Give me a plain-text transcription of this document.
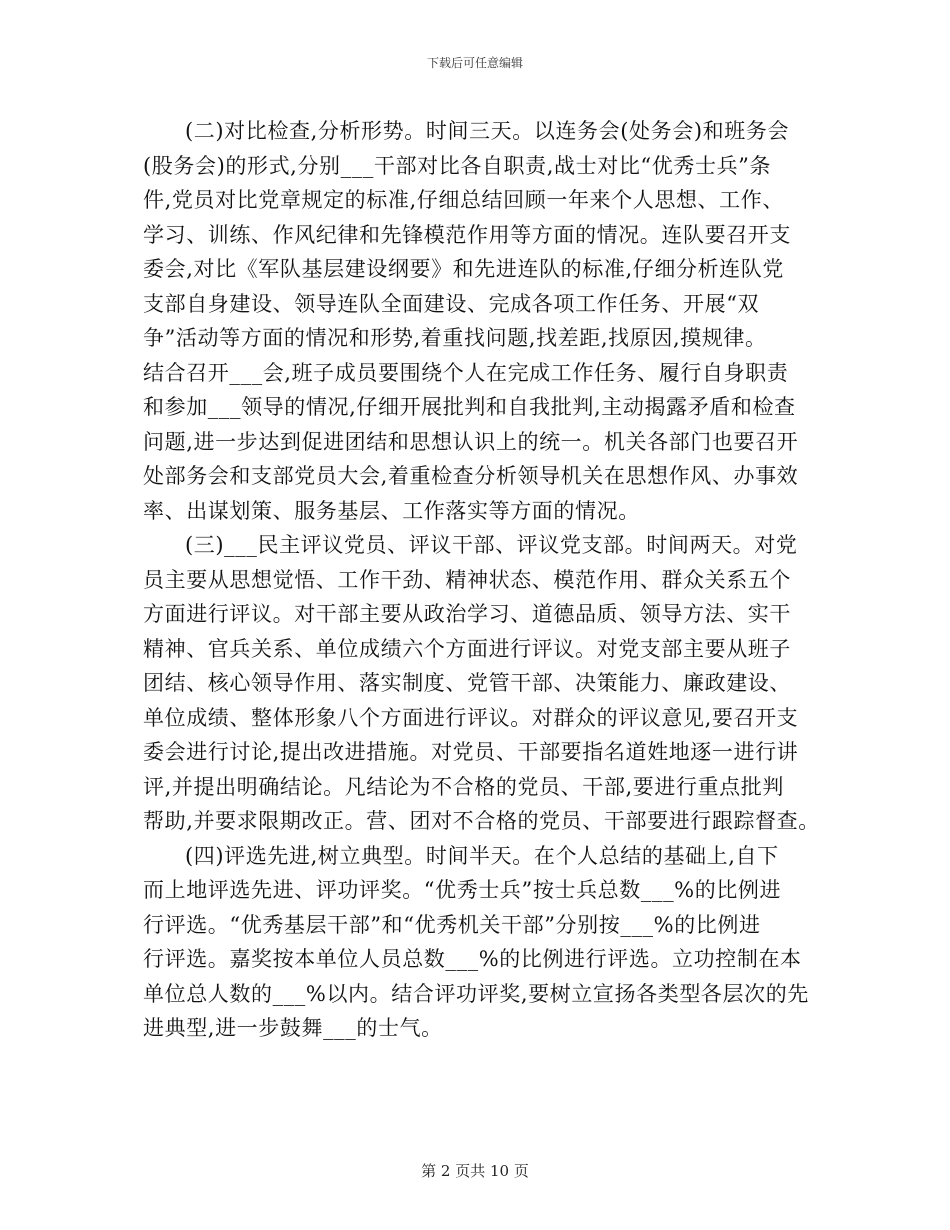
下载后可任意编辑
(二)对比检查,分析形势。时间三天。以连务会(处务会)和班务会
(股务会)的形式,分别___干部对比各自职责,战士对比“优秀士兵”条
件,党员对比党章规定的标准,仔细总结回顾一年来个人思想、工作、
学习、训练、作风纪律和先锋模范作用等方面的情况。连队要召开支
委会,对比《军队基层建设纲要》和先进连队的标准,仔细分析连队党
支部自身建设、领导连队全面建设、完成各项工作任务、开展“双
争”活动等方面的情况和形势,着重找问题,找差距,找原因,摸规律。
结合召开___会,班子成员要围绕个人在完成工作任务、履行自身职责
和参加___领导的情况,仔细开展批判和自我批判,主动揭露矛盾和检查
问题,进一步达到促进团结和思想认识上的统一。机关各部门也要召开
处部务会和支部党员大会,着重检查分析领导机关在思想作风、办事效
率、出谋划策、服务基层、工作落实等方面的情况。
(三)___民主评议党员、评议干部、评议党支部。时间两天。对党
员主要从思想觉悟、工作干劲、精神状态、模范作用、群众关系五个
方面进行评议。对干部主要从政治学习、道德品质、领导方法、实干
精神、官兵关系、单位成绩六个方面进行评议。对党支部主要从班子
团结、核心领导作用、落实制度、党管干部、决策能力、廉政建设、
单位成绩、整体形象八个方面进行评议。对群众的评议意见,要召开支
委会进行讨论,提出改进措施。对党员、干部要指名道姓地逐一进行讲
评,并提出明确结论。凡结论为不合格的党员、干部,要进行重点批判
帮助,并要求限期改正。营、团对不合格的党员、干部要进行跟踪督查。
(四)评选先进,树立典型。时间半天。在个人总结的基础上,自下
而上地评选先进、评功评奖。“优秀士兵”按士兵总数___%的比例进
行评选。“优秀基层干部”和“优秀机关干部”分别按___%的比例进
行评选。嘉奖按本单位人员总数___%的比例进行评选。立功控制在本
单位总人数的___%以内。结合评功评奖,要树立宣扬各类型各层次的先
进典型,进一步鼓舞___的士气。
第 2 页共 10 页
